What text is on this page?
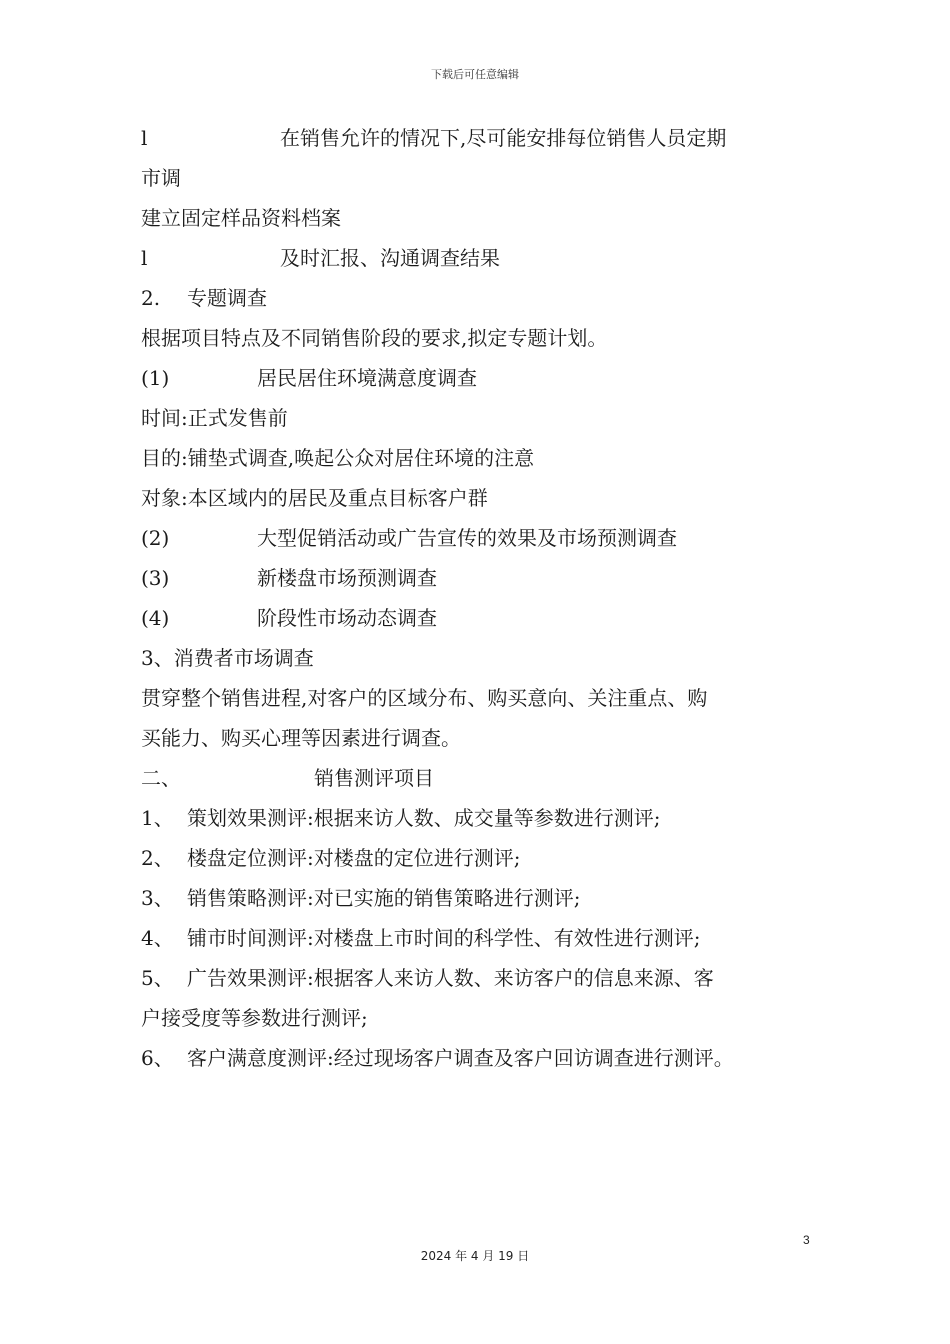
下载后可任意编辑
l	在销售允许的情况下,尽可能安排每位销售人员定期
市调
建立固定样品资料档案
l	及时汇报、沟通调查结果
2. 专题调查
根据项目特点及不同销售阶段的要求,拟定专题计划。
(1)	居民居住环境满意度调查
时间:正式发售前
目的:铺垫式调查,唤起公众对居住环境的注意
对象:本区域内的居民及重点目标客户群
(2)	大型促销活动或广告宣传的效果及市场预测调查
(3)	新楼盘市场预测调查
(4)	阶段性市场动态调查
3、消费者市场调查
贯穿整个销售进程,对客户的区域分布、购买意向、关注重点、购
买能力、购买心理等因素进行调查。
二、	销售测评项目
1、 策划效果测评:根据来访人数、成交量等参数进行测评;
2、 楼盘定位测评:对楼盘的定位进行测评;
3、 销售策略测评:对已实施的销售策略进行测评;
4、 铺市时间测评:对楼盘上市时间的科学性、有效性进行测评;
5、 广告效果测评:根据客人来访人数、来访客户的信息来源、客
户接受度等参数进行测评;
6、 客户满意度测评:经过现场客户调查及客户回访调查进行测评。
3
2024 年 4 月 19 日
